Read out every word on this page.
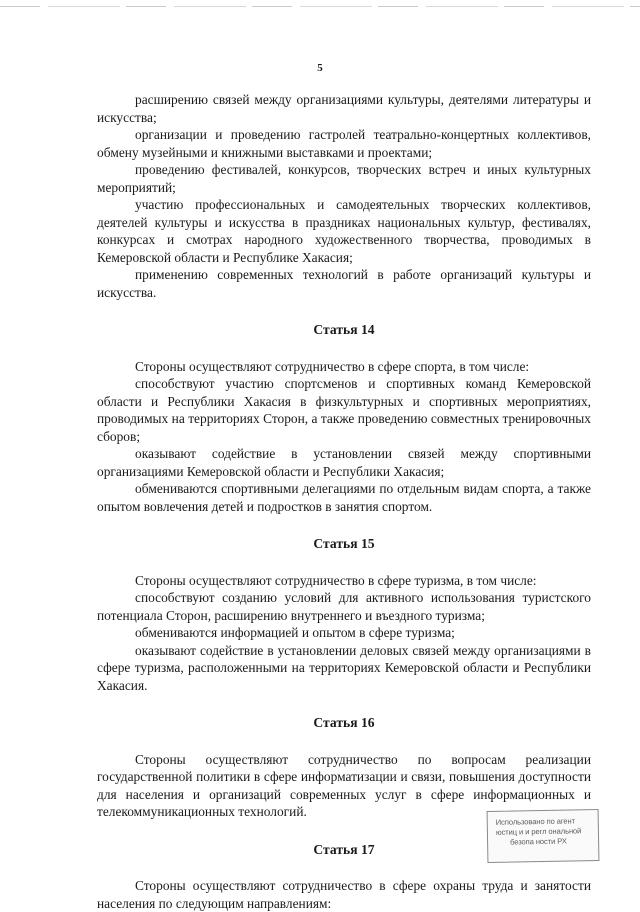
5

расширению связей между организациями культуры, деятелями литературы и искусства;

организации и проведению гастролей театрально-концертных коллективов, обмену музейными и книжными выставками и проектами;

проведению фестивалей, конкурсов, творческих встреч и иных культурных мероприятий;

участию профессиональных и самодеятельных творческих коллективов, деятелей культуры и искусства в праздниках национальных культур, фестивалях, конкурсах и смотрах народного художественного творчества, проводимых в Кемеровской области и Республике Хакасия;

применению современных технологий в работе организаций культуры и искусства.

Статья 14

Стороны осуществляют сотрудничество в сфере спорта, в том числе:

способствуют участию спортсменов и спортивных команд Кемеровской области и Республики Хакасия в физкультурных и спортивных мероприятиях, проводимых на территориях Сторон, а также проведению совместных тренировочных сборов;

оказывают содействие в установлении связей между спортивными организациями Кемеровской области и Республики Хакасия;

обмениваются спортивными делегациями по отдельным видам спорта, а также опытом вовлечения детей и подростков в занятия спортом.

Статья 15

Стороны осуществляют сотрудничество в сфере туризма, в том числе:

способствуют созданию условий для активного использования туристского потенциала Сторон, расширению внутреннего и въездного туризма;

обмениваются информацией и опытом в сфере туризма;

оказывают содействие в установлении деловых связей между организациями в сфере туризма, расположенными на территориях Кемеровской области и Республики Хакасия.

Статья 16

Стороны осуществляют сотрудничество по вопросам реализации государственной политики в сфере информатизации и связи, повышения доступности для населения и организаций современных услуг в сфере информационных и телекоммуникационных технологий.

Статья 17

Стороны осуществляют сотрудничество в сфере охраны труда и занятости населения по следующим направлениям:

Использовано по агент
юстиц и и регл ональной
безопа ности РХ
